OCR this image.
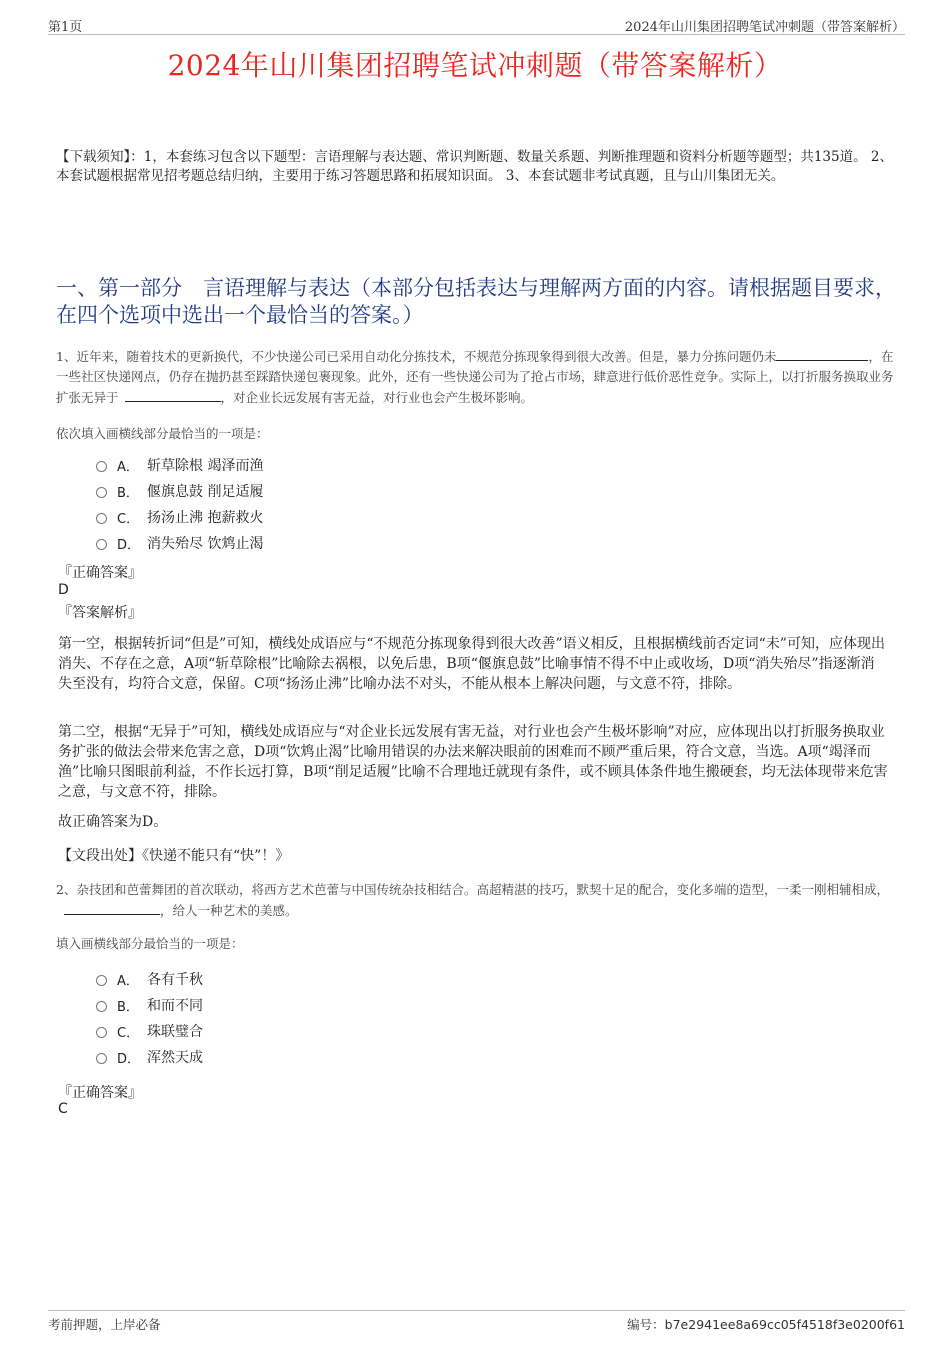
第1页	2024年山川集团招聘笔试冲刺题（带答案解析）
2024年山川集团招聘笔试冲刺题（带答案解析）
【下载须知】：1，本套练习包含以下题型：言语理解与表达题、常识判断题、数量关系题、判断推理题和资料分析题等题型；共135道。 2、本套试题根据常见招考题总结归纳，主要用于练习答题思路和拓展知识面。 3、本套试题非考试真题，且与山川集团无关。
一、第一部分　言语理解与表达（本部分包括表达与理解两方面的内容。请根据题目要求，在四个选项中选出一个最恰当的答案。）
1、近年来，随着技术的更新换代，不少快递公司已采用自动化分拣技术，不规范分拣现象得到很大改善。但是，暴力分拣问题仍未	，在一些社区快递网点，仍存在抛扔甚至踩踏快递包裹现象。此外，还有一些快递公司为了抢占市场，肆意进行低价恶性竞争。实际上，以打折服务换取业务扩张无异于	，对企业长远发展有害无益，对行业也会产生极坏影响。
依次填入画横线部分最恰当的一项是：
A． 斩草除根 竭泽而渔
B． 偃旗息鼓 削足适履
C． 扬汤止沸 抱薪救火
D． 消失殆尽 饮鸩止渴
『正确答案』
D
『答案解析』
第一空，根据转折词“但是”可知，横线处成语应与“不规范分拣现象得到很大改善”语义相反，且根据横线前否定词“未”可知，应体现出消失、不存在之意，A项“斩草除根”比喻除去祸根，以免后患，B项“偃旗息鼓”比喻事情不得不中止或收场，D项“消失殆尽”指逐渐消失至没有，均符合文意，保留。C项“扬汤止沸”比喻办法不对头，不能从根本上解决问题，与文意不符，排除。
第二空，根据“无异于”可知，横线处成语应与“对企业长远发展有害无益，对行业也会产生极坏影响”对应，应体现出以打折服务换取业务扩张的做法会带来危害之意，D项“饮鸩止渴”比喻用错误的办法来解决眼前的困难而不顾严重后果，符合文意，当选。A项“竭泽而渔”比喻只图眼前利益，不作长远打算，B项“削足适履”比喻不合理地迁就现有条件，或不顾具体条件地生搬硬套，均无法体现带来危害之意，与文意不符，排除。
故正确答案为D。
【文段出处】《快递不能只有“快”！》
2、杂技团和芭蕾舞团的首次联动，将西方艺术芭蕾与中国传统杂技相结合。高超精湛的技巧，默契十足的配合，变化多端的造型，一柔一刚相辅相成，，给人一种艺术的美感。
填入画横线部分最恰当的一项是：
A． 各有千秋
B． 和而不同
C． 珠联璧合
D． 浑然天成
『正确答案』
C
考前押题，上岸必备	编号：b7e2941ee8a69cc05f4518f3e0200f61
